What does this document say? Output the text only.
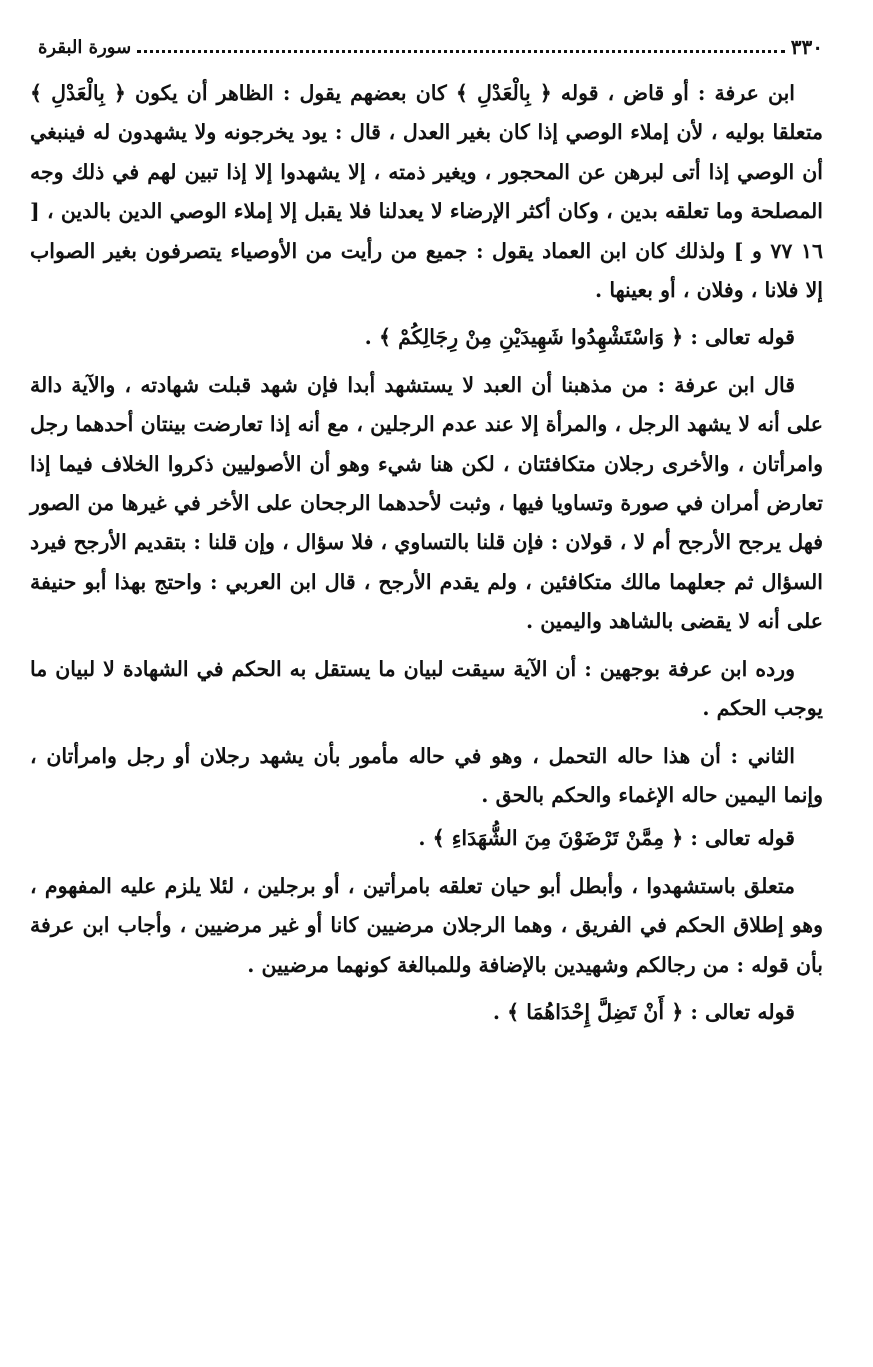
سورة البقرة	٣٣٠

ابن عرفة : أو قاض ، قوله ﴿ بِالْعَدْلِ ﴾ كان بعضهم يقول : الظاهر أن يكون ﴿ بِالْعَدْلِ ﴾متعلقا بوليه ، لأن إملاء الوصي إذا كان بغير العدل ، قال : يود يخرجونه ولا يشهدون له فينبغي أن الوصي إذا أتى لبرهن عن المحجور ، ويغير ذمته ، إلا يشهدوا إلا إذا تبين لهم في ذلك وجه المصلحة وما تعلقه بدين ، وكان أكثر الإرضاء لا يعدلنا فلا يقبل إلا إملاء الوصي الدين بالدين ، [ ١٦ ٧٧ و ] ولذلك كان ابن العماد يقول : جميع من رأيت من الأوصياء يتصرفون بغير الصواب إلا فلانا ، وفلان ، أو بعينها .

قوله تعالى : ﴿ وَاسْتَشْهِدُوا شَهِيدَيْنِ مِنْ رِجَالِكُمْ ﴾ .

قال ابن عرفة : من مذهبنا أن العبد لا يستشهد أبدا فإن شهد قبلت شهادته ، والآية دالة على أنه لا يشهد الرجل ، والمرأة إلا عند عدم الرجلين ، مع أنه إذا تعارضت بينتان أحدهما رجل وامرأتان ، والأخرى رجلان متكافئتان ، لكن هنا شيء وهو أن الأصوليين ذكروا الخلاف فيما إذا تعارض أمران في صورة وتساويا فيها ، وثبت لأحدهما الرجحان على الأخر في غيرها من الصور فهل يرجح الأرجح أم لا ، قولان : فإن قلنا بالتساوي ، فلا سؤال ، وإن قلنا : بتقديم الأرجح فيرد السؤال ثم جعلهما مالك متكافئين ، ولم يقدم الأرجح ، قال ابن العربي : واحتج بهذا أبو حنيفة على أنه لا يقضى بالشاهد واليمين .

ورده ابن عرفة بوجهين : أن الآية سيقت لبيان ما يستقل به الحكم في الشهادة لا لبيان ما يوجب الحكم .

الثاني : أن هذا حاله التحمل ، وهو في حاله مأمور بأن يشهد رجلان أو رجل وامرأتان ، وإنما اليمين حاله الإغماء والحكم بالحق .

قوله تعالى : ﴿ مِمَّنْ تَرْضَوْنَ مِنَ الشُّهَدَاءِ ﴾ .

متعلق باستشهدوا ، وأبطل أبو حيان تعلقه بامرأتين ، أو برجلين ، لئلا يلزم عليه المفهوم ، وهو إطلاق الحكم في الفريق ، وهما الرجلان مرضيين كانا أو غير مرضيين ، وأجاب ابن عرفة بأن قوله : من رجالكم وشهيدين بالإضافة وللمبالغة كونهما مرضيين .

قوله تعالى : ﴿ أَنْ تَضِلَّ إِحْدَاهُمَا ﴾ .
